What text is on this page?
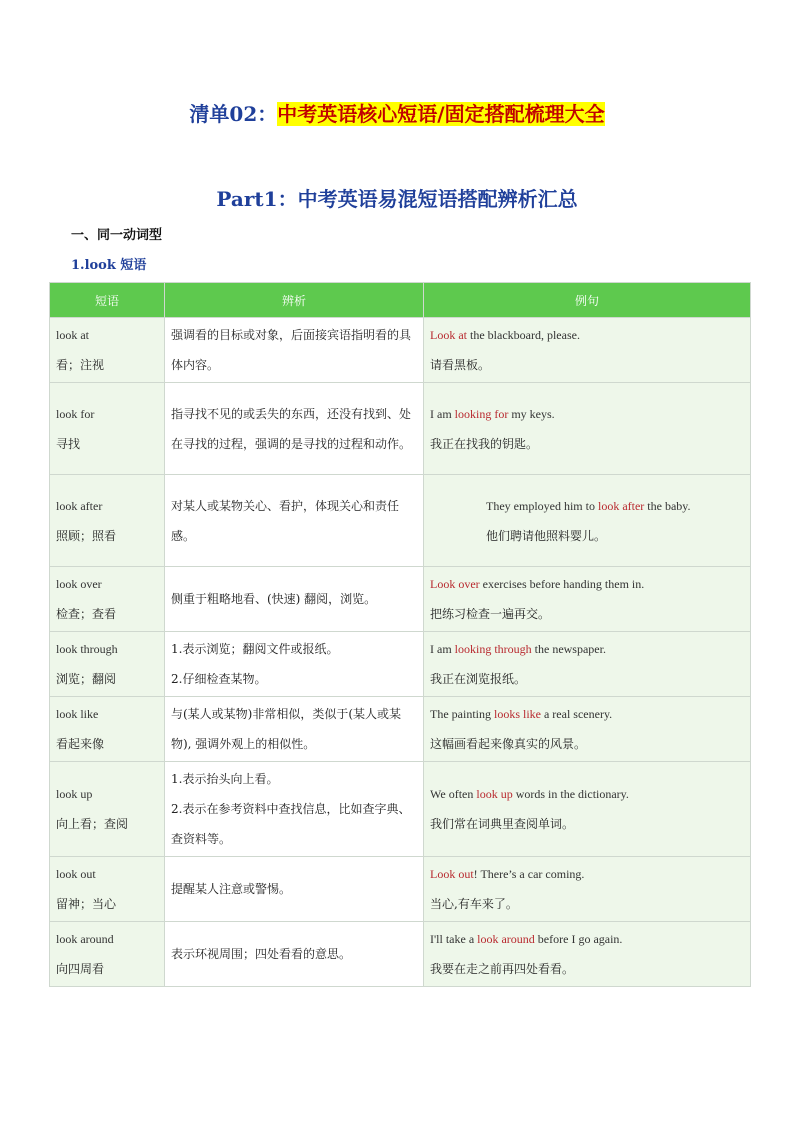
清单02：中考英语核心短语/固定搭配梳理大全
Part1：中考英语易混短语搭配辨析汇总
一、同一动词型
1.look 短语
短语	辨析	例句

look at
看；注视	强调看的目标或对象，后面接宾语指明看的具体内容。	Look at the blackboard, please.
请看黑板。

look for
寻找	指寻找不见的或丢失的东西，还没有找到、处在寻找的过程，强调的是寻找的过程和动作。	I am looking for my keys.
我正在找我的钥匙。

look after
照顾；照看	对某人或某物关心、看护，体现关心和责任感。	They employed him to look after the baby.
他们聘请他照料婴儿。

look over
检查；查看	侧重于粗略地看、(快速) 翻阅，浏览。	Look over exercises before handing them in.
把练习检查一遍再交。

look through
浏览；翻阅	1.表示浏览；翻阅文件或报纸。
2.仔细检查某物。	I am looking through the newspaper.
我正在浏览报纸。

look like
看起来像	与(某人或某物)非常相似，类似于(某人或某物), 强调外观上的相似性。	The painting looks like a real scenery.
这幅画看起来像真实的风景。

look up
向上看；查阅	1.表示抬头向上看。
2.表示在参考资料中查找信息，比如查字典、查资料等。	We often look up words in the dictionary.
我们常在词典里查阅单词。

look out
留神；当心	提醒某人注意或警惕。	Look out! There’s a car coming.
当心,有车来了。

look around
向四周看	表示环视周围；四处看看的意思。	I'll take a look around before I go again.
我要在走之前再四处看看。
